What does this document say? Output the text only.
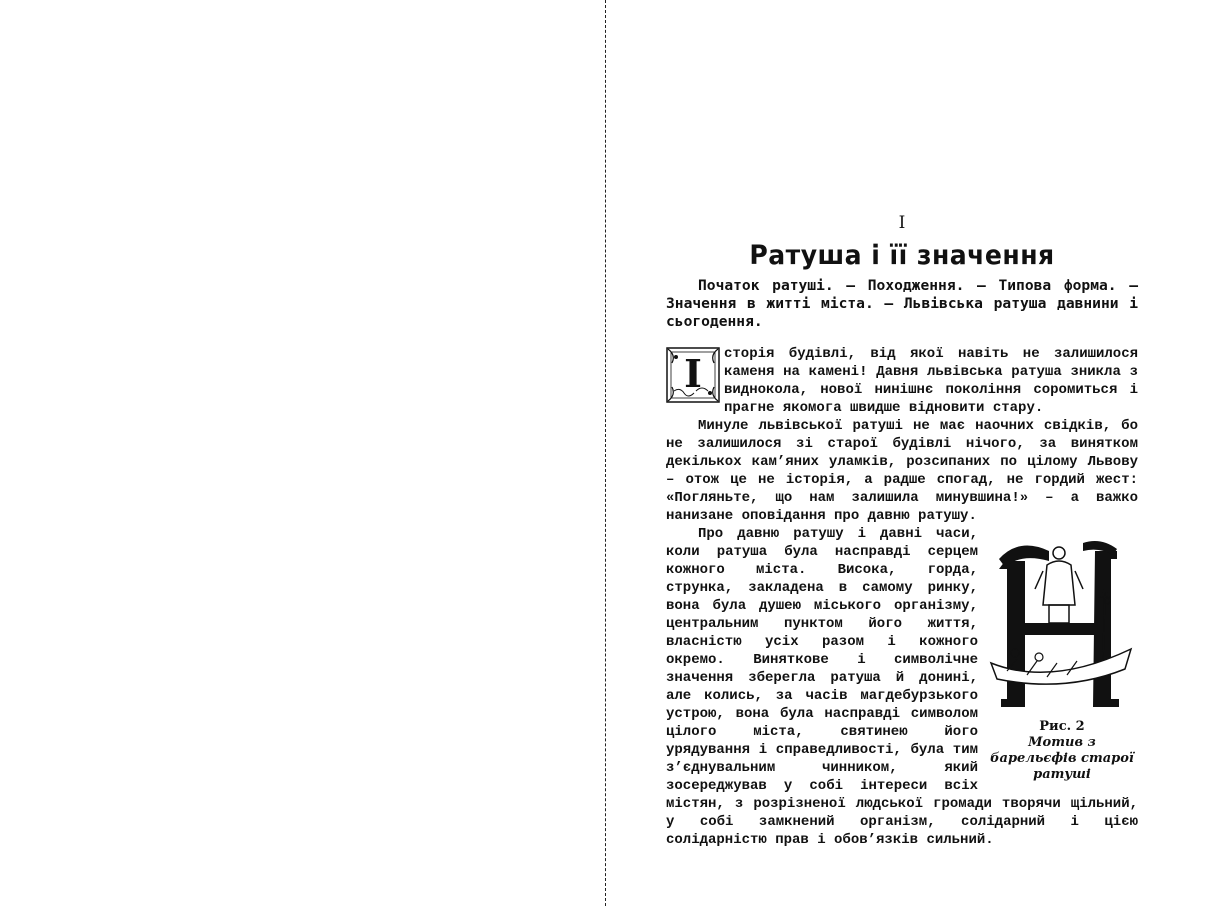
I
Ратуша і її значення

Початок ратуші. – Походження. – Типова форма. – Значення в житті міста. – Львівська ратуша давнини і сьогодення.

І	сторія будівлі, від якої навіть не залишилося каменя на камені! Давня львівська ратуша зникла з виднокола, нової нинішнє покоління соромиться і прагне якомога швидше відновити стару.

Минуле львівської ратуші не має наочних свідків, бо не залишилося зі старої будівлі нічого, за винятком декількох кам’яних уламків, розсипаних по цілому Львову – отож це не історія, а радше спогад, не гордий жест: «Погляньте, що нам залишила минувшина!» – а важко нанизане оповідання про давню ратушу.

Рис. 2
Мотив з барельєфів старої ратуші

Про давню ратушу і давні часи, коли ратуша була насправді серцем кожного міста. Висока, горда, струнка, закладена в самому ринку, вона була душею міського організму, центральним пунктом його життя, власністю усіх разом і кожного окремо. Виняткове і символічне значення зберегла ратуша й донині, але колись, за часів магдебурзького устрою, вона була насправді символом цілого міста, святинею його урядування і справедливості, була тим з’єднувальним чинником, який зосереджував у собі інтереси всіх містян, з розрізненої людської громади творячи щільний, у собі замкнений організм, солідарний і цією солідарністю прав і обов’язків сильний.
